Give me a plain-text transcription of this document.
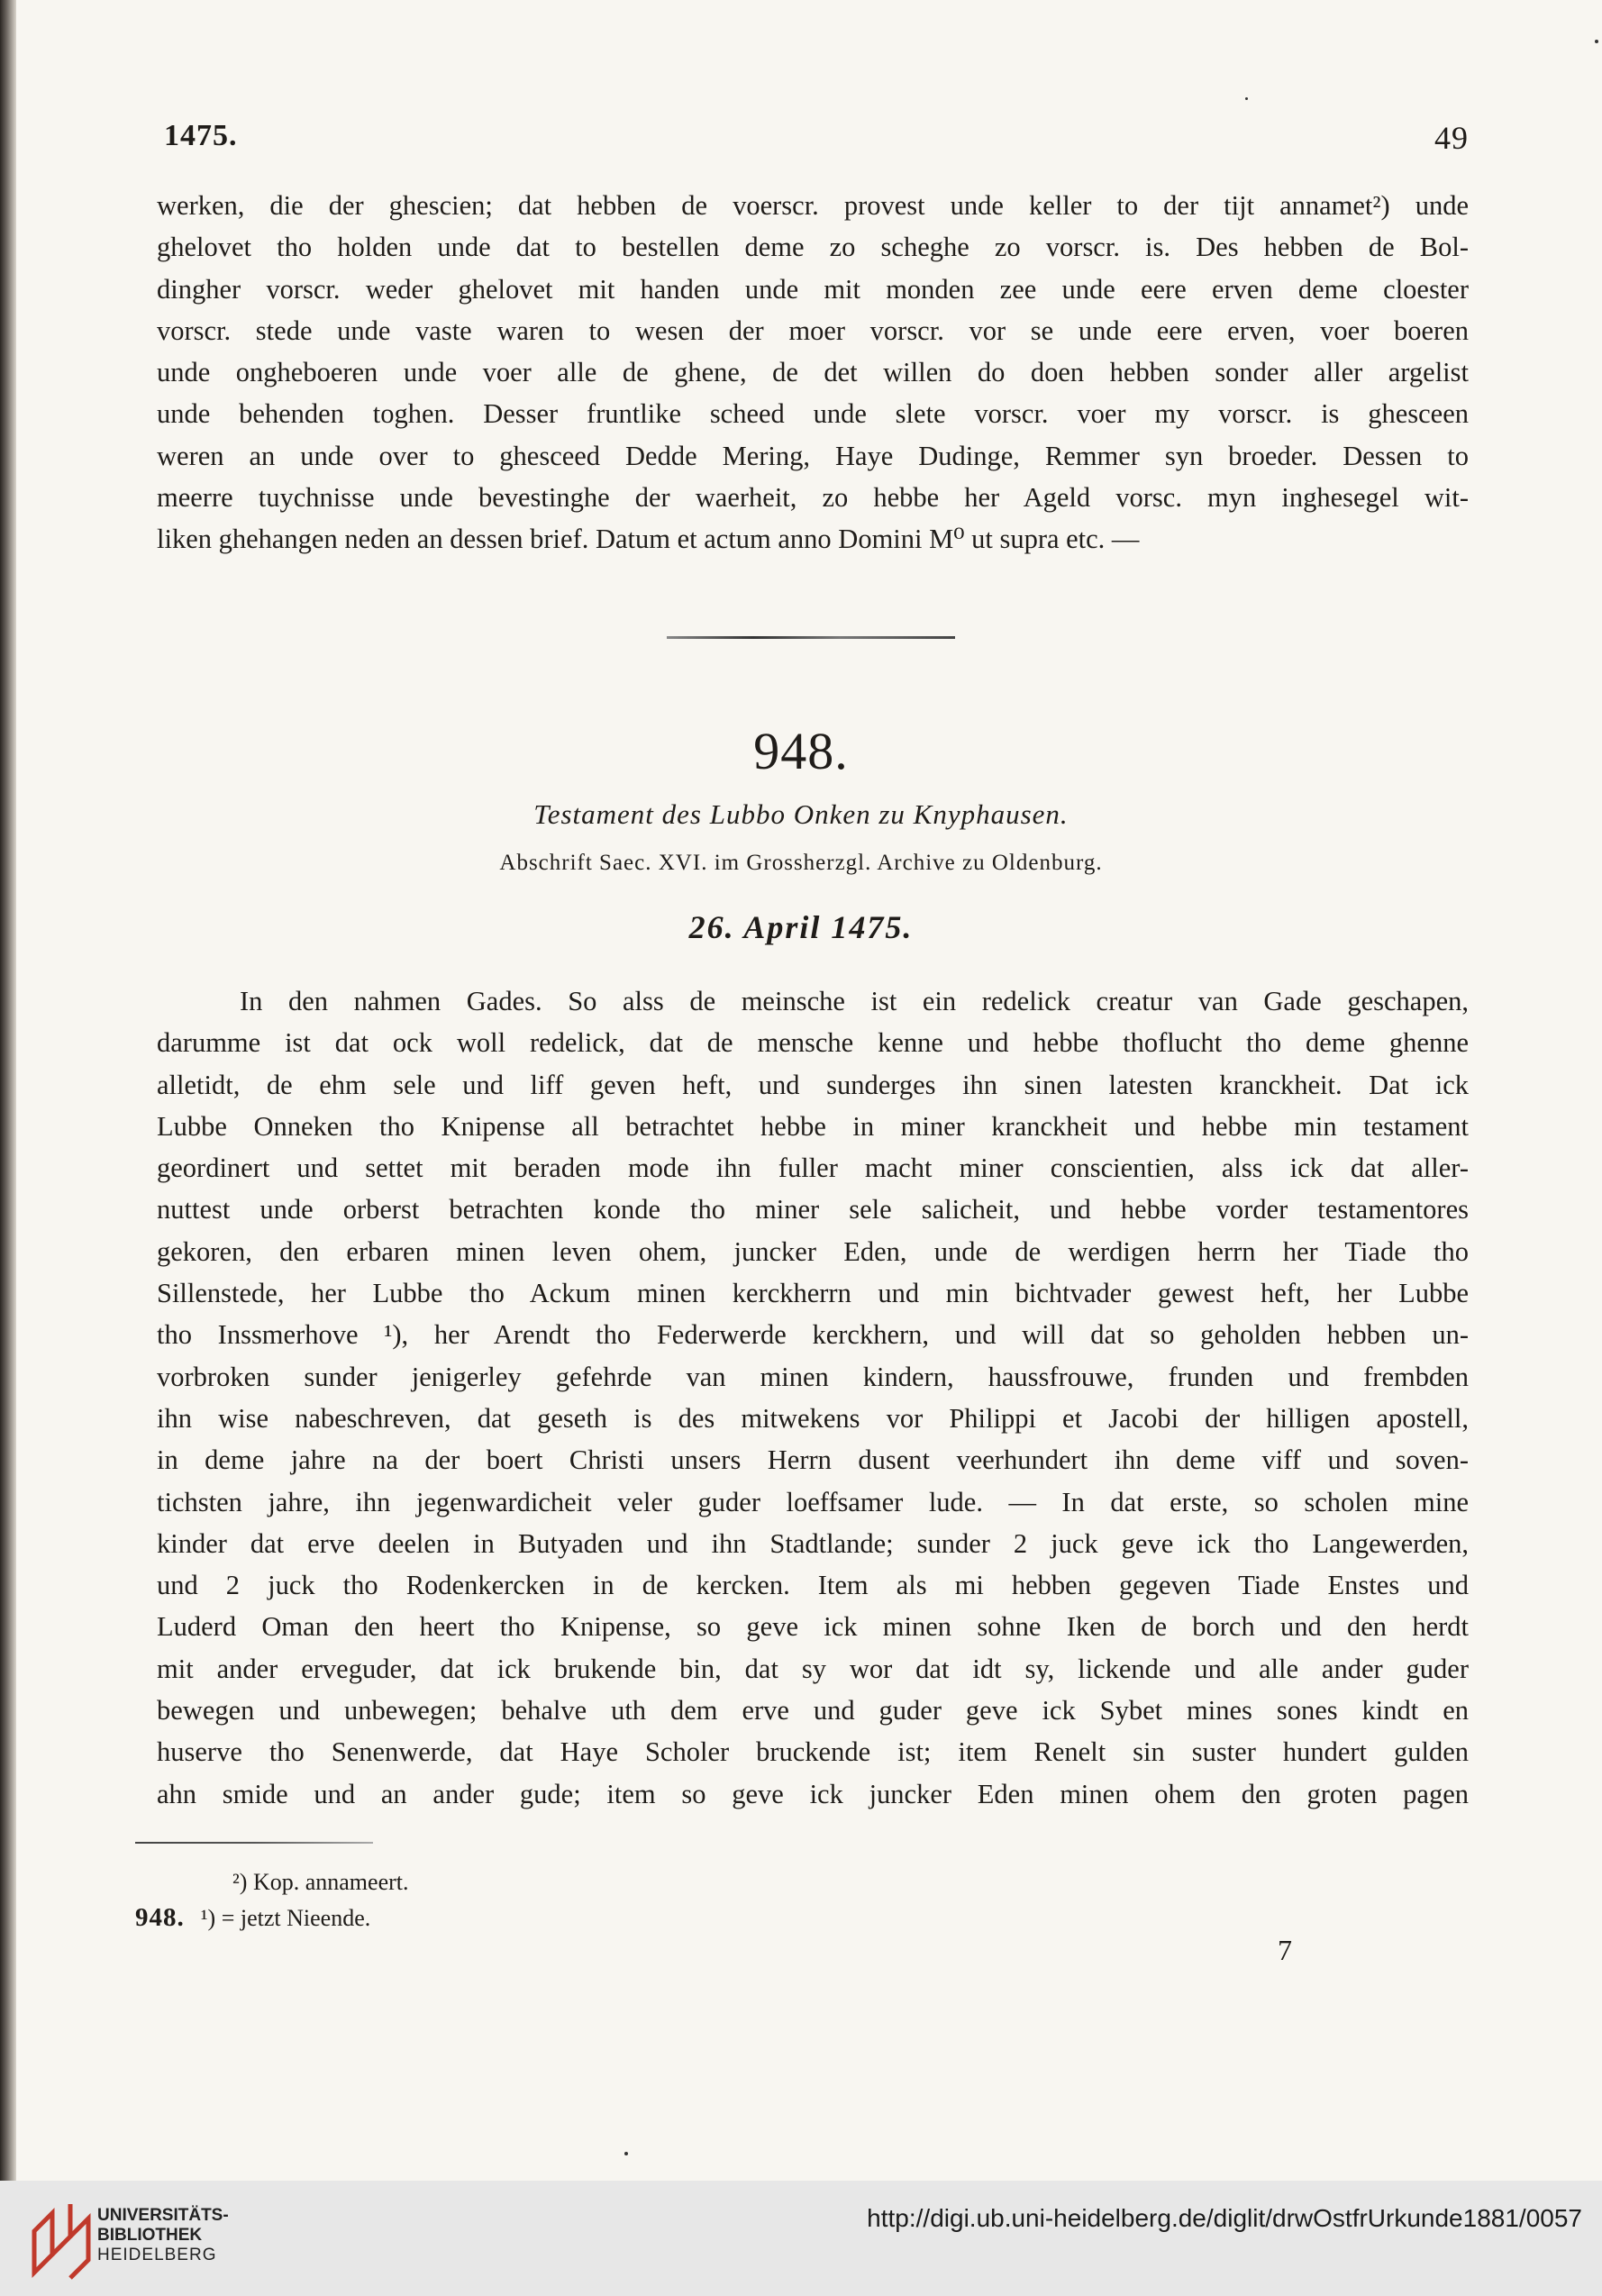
1475.	49
werken, die der ghescien; dat hebben de voerscr. provest unde keller to der tijt annamet²) unde
ghelovet tho holden unde dat to bestellen deme zo scheghe zo vorscr. is. Des hebben de Bol-
dingher vorscr. weder ghelovet mit handen unde mit monden zee unde eere erven deme cloester
vorscr. stede unde vaste waren to wesen der moer vorscr. vor se unde eere erven, voer boeren
unde ongheboeren unde voer alle de ghene, de det willen do doen hebben sonder aller argelist
unde behenden toghen. Desser fruntlike scheed unde slete vorscr. voer my vorscr. is ghesceen
weren an unde over to ghesceed Dedde Mering, Haye Dudinge, Remmer syn broeder. Dessen to
meerre tuychnisse unde bevestinghe der waerheit, zo hebbe her Ageld vorsc. myn inghesegel wit-
liken ghehangen neden an dessen brief. Datum et actum anno Domini M⁰ ut supra etc. —
948.
Testament des Lubbo Onken zu Knyphausen.
Abschrift Saec. XVI. im Grossherzgl. Archive zu Oldenburg.
26. April 1475.
In den nahmen Gades. So alss de meinsche ist ein redelick creatur van Gade geschapen,
darumme ist dat ock woll redelick, dat de mensche kenne und hebbe thoflucht tho deme ghenne
alletidt, de ehm sele und liff geven heft, und sunderges ihn sinen latesten kranckheit. Dat ick
Lubbe Onneken tho Knipense all betrachtet hebbe in miner kranckheit und hebbe min testament
geordinert und settet mit beraden mode ihn fuller macht miner conscientien, alss ick dat aller-
nuttest unde orberst betrachten konde tho miner sele salicheit, und hebbe vorder testamentores
gekoren, den erbaren minen leven ohem, juncker Eden, unde de werdigen herrn her Tiade tho
Sillenstede, her Lubbe tho Ackum minen kerckherrn und min bichtvader gewest heft, her Lubbe
tho Inssmerhove ¹), her Arendt tho Federwerde kerckhern, und will dat so geholden hebben un-
vorbroken sunder jenigerley gefehrde van minen kindern, haussfrouwe, frunden und frembden
ihn wise nabeschreven, dat geseth is des mitwekens vor Philippi et Jacobi der hilligen apostell,
in deme jahre na der boert Christi unsers Herrn dusent veerhundert ihn deme viff und soven-
tichsten jahre, ihn jegenwardicheit veler guder loeffsamer lude. — In dat erste, so scholen mine
kinder dat erve deelen in Butyaden und ihn Stadtlande; sunder 2 juck geve ick tho Langewerden,
und 2 juck tho Rodenkercken in de kercken. Item als mi hebben gegeven Tiade Enstes und
Luderd Oman den heert tho Knipense, so geve ick minen sohne Iken de borch und den herdt
mit ander erveguder, dat ick brukende bin, dat sy wor dat idt sy, lickende und alle ander guder
bewegen und unbewegen; behalve uth dem erve und guder geve ick Sybet mines sones kindt en
huserve tho Senenwerde, dat Haye Scholer bruckende ist; item Renelt sin suster hundert gulden
ahn smide und an ander gude; item so geve ick juncker Eden minen ohem den groten pagen
²) Kop. annameert.
948. ¹) = jetzt Nieende.
7
UNIVERSITÄTS-
BIBLIOTHEK
HEIDELBERG
http://digi.ub.uni-heidelberg.de/diglit/drwOstfrUrkunde1881/0057
